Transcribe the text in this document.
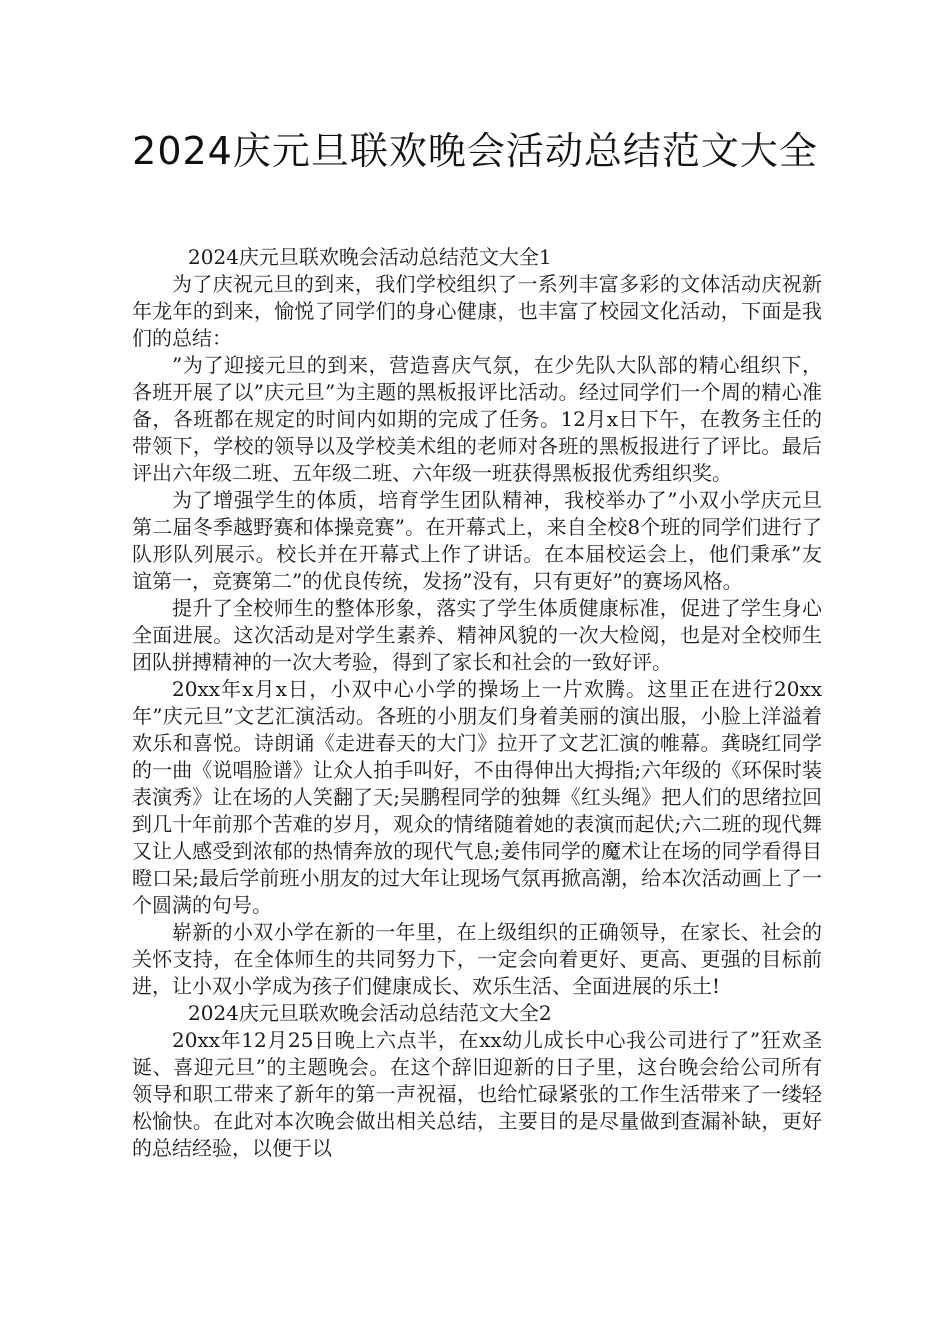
2024庆元旦联欢晚会活动总结范文大全

2024庆元旦联欢晚会活动总结范文大全1

为了庆祝元旦的到来，我们学校组织了一系列丰富多彩的文体活动庆祝新年龙年的到来，愉悦了同学们的身心健康，也丰富了校园文化活动，下面是我们的总结：

”为了迎接元旦的到来，营造喜庆气氛，在少先队大队部的精心组织下，各班开展了以”庆元旦”为主题的黑板报评比活动。经过同学们一个周的精心准备，各班都在规定的时间内如期的完成了任务。12月x日下午，在教务主任的带领下，学校的领导以及学校美术组的老师对各班的黑板报进行了评比。最后评出六年级二班、五年级二班、六年级一班获得黑板报优秀组织奖。

为了增强学生的体质，培育学生团队精神，我校举办了”小双小学庆元旦第二届冬季越野赛和体操竞赛”。在开幕式上，来自全校8个班的同学们进行了队形队列展示。校长并在开幕式上作了讲话。在本届校运会上，他们秉承”友谊第一，竞赛第二”的优良传统，发扬”没有，只有更好”的赛场风格。

提升了全校师生的整体形象，落实了学生体质健康标准，促进了学生身心全面进展。这次活动是对学生素养、精神风貌的一次大检阅，也是对全校师生团队拼搏精神的一次大考验，得到了家长和社会的一致好评。

20xx年x月x日，小双中心小学的操场上一片欢腾。这里正在进行20xx年”庆元旦”文艺汇演活动。各班的小朋友们身着美丽的演出服，小脸上洋溢着欢乐和喜悦。诗朗诵《走进春天的大门》拉开了文艺汇演的帷幕。龚晓红同学的一曲《说唱脸谱》让众人拍手叫好，不由得伸出大拇指;六年级的《环保时装表演秀》让在场的人笑翻了天;吴鹏程同学的独舞《红头绳》把人们的思绪拉回到几十年前那个苦难的岁月，观众的情绪随着她的表演而起伏;六二班的现代舞又让人感受到浓郁的热情奔放的现代气息;姜伟同学的魔术让在场的同学看得目瞪口呆;最后学前班小朋友的过大年让现场气氛再掀高潮，给本次活动画上了一个圆满的句号。

崭新的小双小学在新的一年里，在上级组织的正确领导，在家长、社会的关怀支持，在全体师生的共同努力下，一定会向着更好、更高、更强的目标前进，让小双小学成为孩子们健康成长、欢乐生活、全面进展的乐土!

2024庆元旦联欢晚会活动总结范文大全2

20xx年12月25日晚上六点半，在xx幼儿成长中心我公司进行了”狂欢圣诞、喜迎元旦”的主题晚会。在这个辞旧迎新的日子里，这台晚会给公司所有领导和职工带来了新年的第一声祝福，也给忙碌紧张的工作生活带来了一缕轻松愉快。在此对本次晚会做出相关总结，主要目的是尽量做到查漏补缺，更好的总结经验，以便于以
